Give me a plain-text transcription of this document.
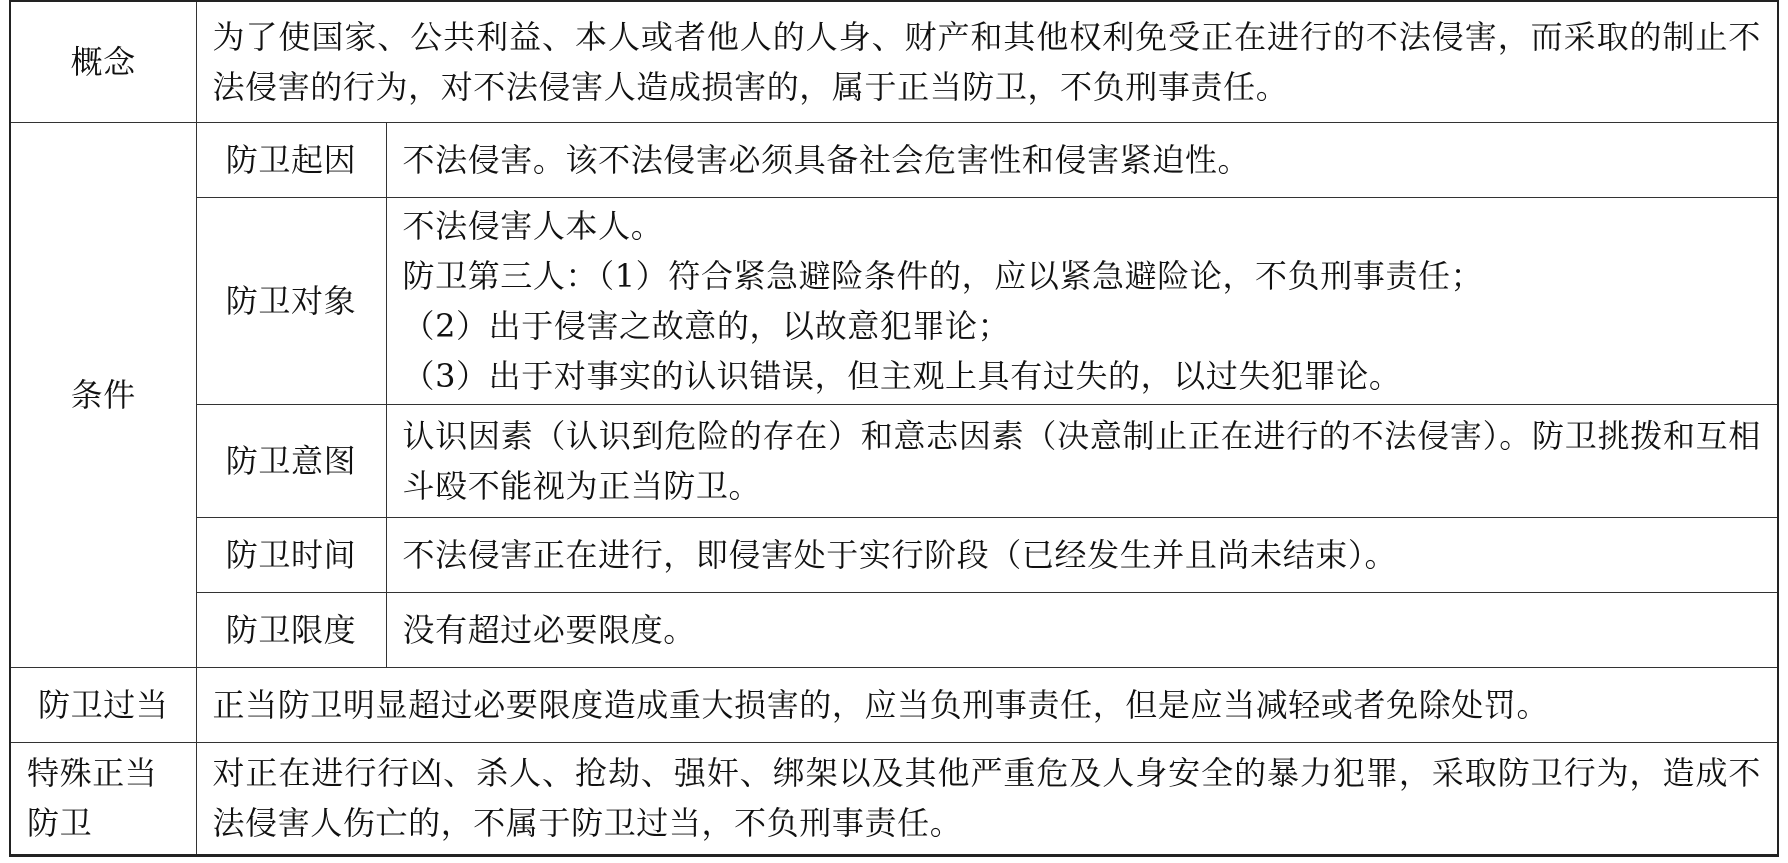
概念	为了使国家、公共利益、本人或者他人的人身、财产和其他权利免受正在进行的不法侵害，而采取的制止不法侵害的行为，对不法侵害人造成损害的，属于正当防卫，不负刑事责任。	
条件	防卫起因	不法侵害。该不法侵害必须具备社会危害性和侵害紧迫性。
	防卫对象	不法侵害人本人。
防卫第三人：（1）符合紧急避险条件的，应以紧急避险论，不负刑事责任；
（2）出于侵害之故意的，以故意犯罪论；
（3）出于对事实的认识错误，但主观上具有过失的，以过失犯罪论。

	防卫意图	认识因素（认识到危险的存在）和意志因素（决意制止正在进行的不法侵害）。防卫挑拨和互相斗殴不能视为正当防卫。
	防卫时间	不法侵害正在进行，即侵害处于实行阶段（已经发生并且尚未结束）。
	防卫限度	没有超过必要限度。
防卫过当	正当防卫明显超过必要限度造成重大损害的，应当负刑事责任，但是应当减轻或者免除处罚。	
特殊正当防卫	对正在进行行凶、杀人、抢劫、强奸、绑架以及其他严重危及人身安全的暴力犯罪，采取防卫行为，造成不法侵害人伤亡的，不属于防卫过当，不负刑事责任。	
